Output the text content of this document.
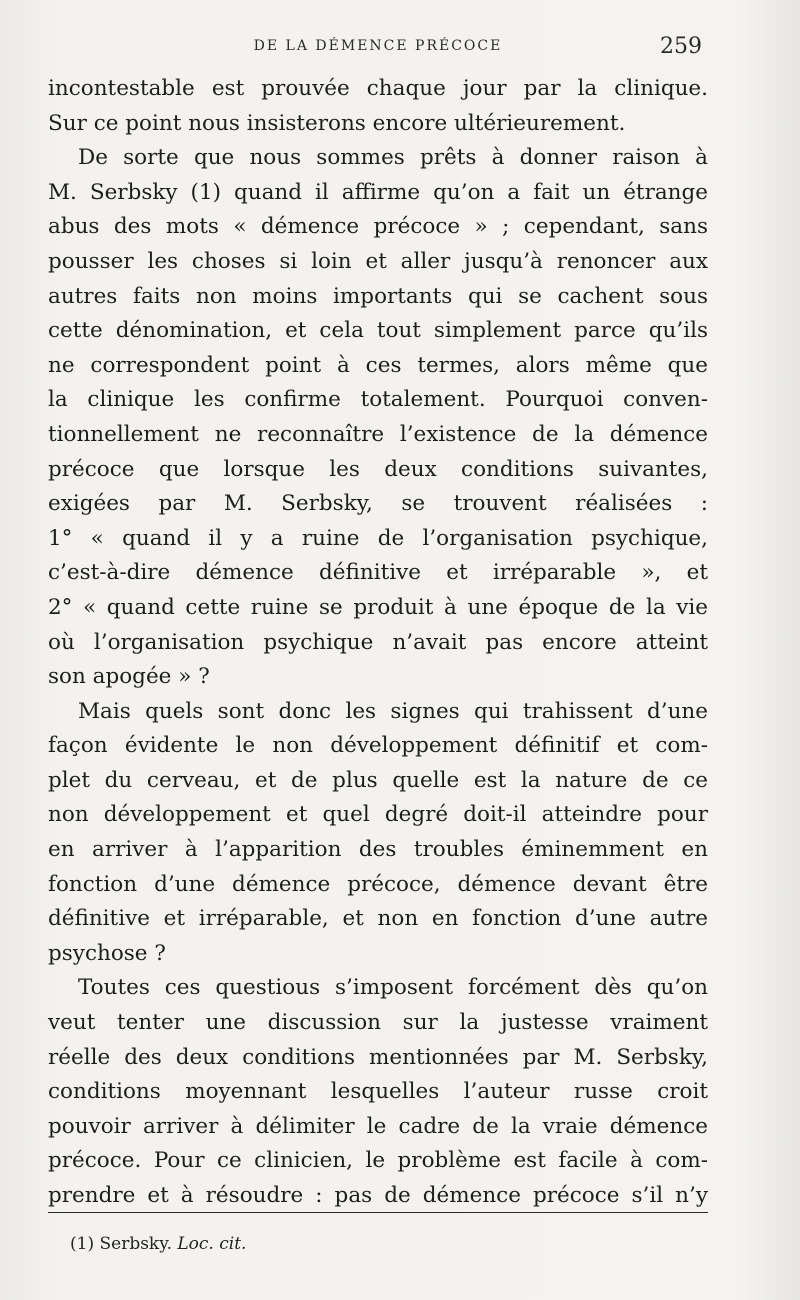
DE LA DÉMENCE PRÉCOCE	259
incontestable est prouvée chaque jour par la clinique.
Sur ce point nous insisterons encore ultérieurement.
De sorte que nous sommes prêts à donner raison à
M. Serbsky (1) quand il affirme qu’on a fait un étrange
abus des mots « démence précoce » ; cependant, sans
pousser les choses si loin et aller jusqu’à renoncer aux
autres faits non moins importants qui se cachent sous
cette dénomination, et cela tout simplement parce qu’ils
ne correspondent point à ces termes, alors même que
la clinique les confirme totalement. Pourquoi conven-
tionnellement ne reconnaître l’existence de la démence
précoce que lorsque les deux conditions suivantes,
exigées par M. Serbsky, se trouvent réalisées :
1° « quand il y a ruine de l’organisation psychique,
c’est-à-dire démence définitive et irréparable », et
2° « quand cette ruine se produit à une époque de la vie
où l’organisation psychique n’avait pas encore atteint
son apogée » ?
Mais quels sont donc les signes qui trahissent d’une
façon évidente le non développement définitif et com-
plet du cerveau, et de plus quelle est la nature de ce
non développement et quel degré doit-il atteindre pour
en arriver à l’apparition des troubles éminemment en
fonction d’une démence précoce, démence devant être
définitive et irréparable, et non en fonction d’une autre
psychose ?
Toutes ces questious s’imposent forcément dès qu’on
veut tenter une discussion sur la justesse vraiment
réelle des deux conditions mentionnées par M. Serbsky,
conditions moyennant lesquelles l’auteur russe croit
pouvoir arriver à délimiter le cadre de la vraie démence
précoce. Pour ce clinicien, le problème est facile à com-
prendre et à résoudre : pas de démence précoce s’il n’y
(1) Serbsky. Loc. cit.
